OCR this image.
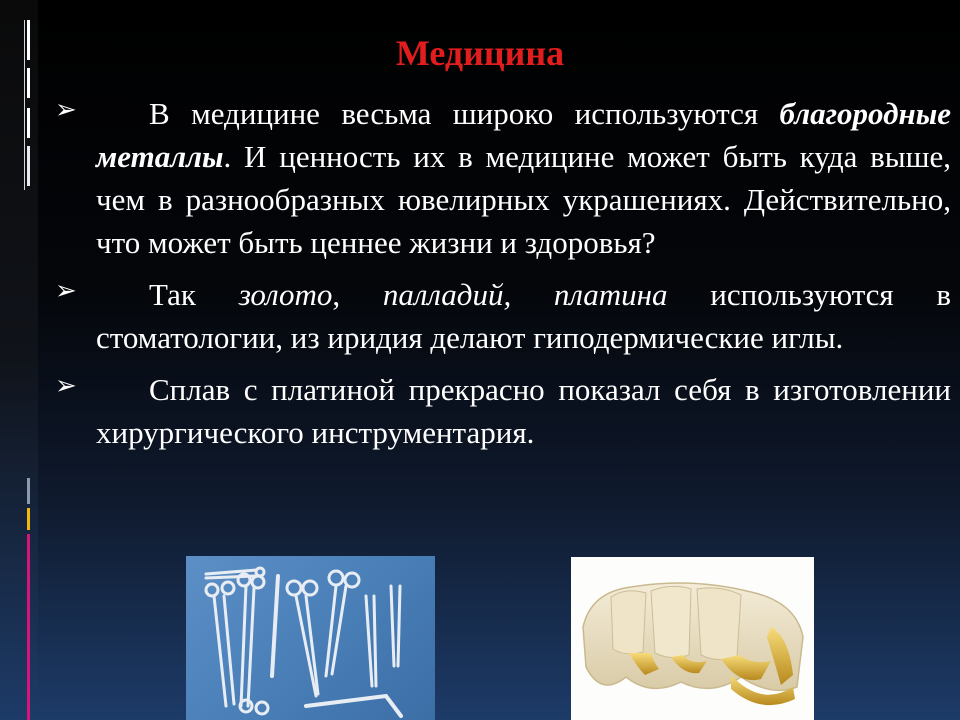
Медицина
➢	В медицине весьма широко используются благородные металлы. И ценность их в медицине может быть куда выше, чем в разнообразных ювелирных украшениях. Действительно, что может быть ценнее жизни и здоровья?

➢	Так золото, палладий, платина используются в стоматологии, из иридия делают гиподермические иглы.

➢	Сплав с платиной прекрасно показал себя в изготовлении хирургического инструментария.
